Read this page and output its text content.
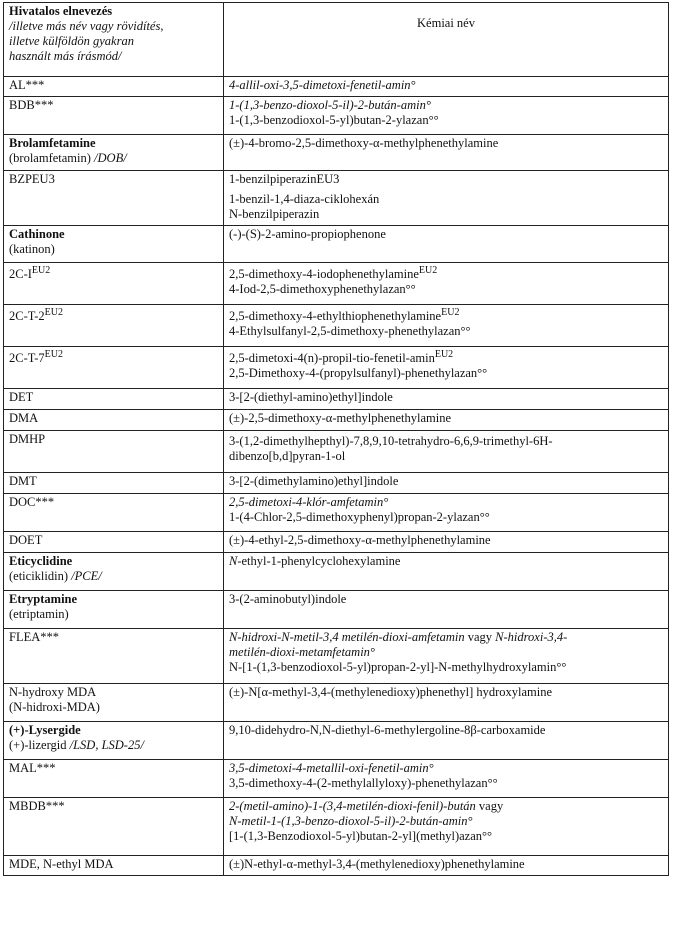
Hivatalos elnevezés
/illetve más név vagy rövidítés,
illetve külföldön gyakran
használt más írásmód/	Kémiai név
AL***	4-allil-oxi-3,5-dimetoxi-fenetil-amin°
BDB***	1-(1,3-benzo-dioxol-5-il)-2-bután-amin°
1-(1,3-benzodioxol-5-yl)butan-2-ylazan°°

Brolamfetamine
(brolamfetamin) /DOB/	(±)-4-bromo-2,5-dimethoxy-α-methylphenethylamine
BZPEU3	1-benzilpiperazinEU3
1-benzil-1,4-diaza-ciklohexán
N-benzilpiperazin

Cathinone
(katinon)	(-)-(S)-2-amino-propiophenone
$2C-I^{EU2}$	2,5-dimethoxy-4-iodophenethylamine$^{EU2}$
4-Iod-2,5-dimethoxyphenethylazan°°

$2C-T-2^{EU2}$	2,5-dimethoxy-4-ethylthiophenethylamine$^{EU2}$
4-Ethylsulfanyl-2,5-dimethoxy-phenethylazan°°

$2C-T-7^{EU2}$	2,5-dimetoxi-4(n)-propil-tio-fenetil-amin$^{EU2}$
2,5-Dimethoxy-4-(propylsulfanyl)-phenethylazan°°

DET	3-[2-(diethyl-amino)ethyl]indole
DMA	(±)-2,5-dimethoxy-α-methylphenethylamine
DMHP	3-(1,2-dimethylhepthyl)-7,8,9,10-tetrahydro-6,6,9-trimethyl-6H-
dibenzo[b,d]pyran-1-ol

DMT	3-[2-(dimethylamino)ethyl]indole
DOC***	2,5-dimetoxi-4-klór-amfetamin°
1-(4-Chlor-2,5-dimethoxyphenyl)propan-2-ylazan°°

DOET	(±)-4-ethyl-2,5-dimethoxy-α-methylphenethylamine

Eticyclidine
(eticiklidin) /PCE/	N-ethyl-1-phenylcyclohexylamine

Etryptamine
(etriptamin)	3-(2-aminobutyl)indole
FLEA***	N-hidroxi-N-metil-3,4 metilén-dioxi-amfetamin vagy N-hidroxi-3,4-
metilén-dioxi-metamfetamin°
N-[1-(1,3-benzodioxol-5-yl)propan-2-yl]-N-methylhydroxylamin°°

N-hydroxy MDA
(N-hidroxi-MDA)	(±)-N[α-methyl-3,4-(methylenedioxy)phenethyl] hydroxylamine

(+)-Lysergide
(+)-lizergid /LSD, LSD-25/	9,10-didehydro-N,N-diethyl-6-methylergoline-8β-carboxamide
MAL***	3,5-dimetoxi-4-metallil-oxi-fenetil-amin°
3,5-dimethoxy-4-(2-methylallyloxy)-phenethylazan°°

MBDB***	2-(metil-amino)-1-(3,4-metilén-dioxi-fenil)-bután vagy
N-metil-1-(1,3-benzo-dioxol-5-il)-2-bután-amin°
[1-(1,3-Benzodioxol-5-yl)butan-2-yl](methyl)azan°°

MDE, N-ethyl MDA	(±)N-ethyl-α-methyl-3,4-(methylenedioxy)phenethylamine
